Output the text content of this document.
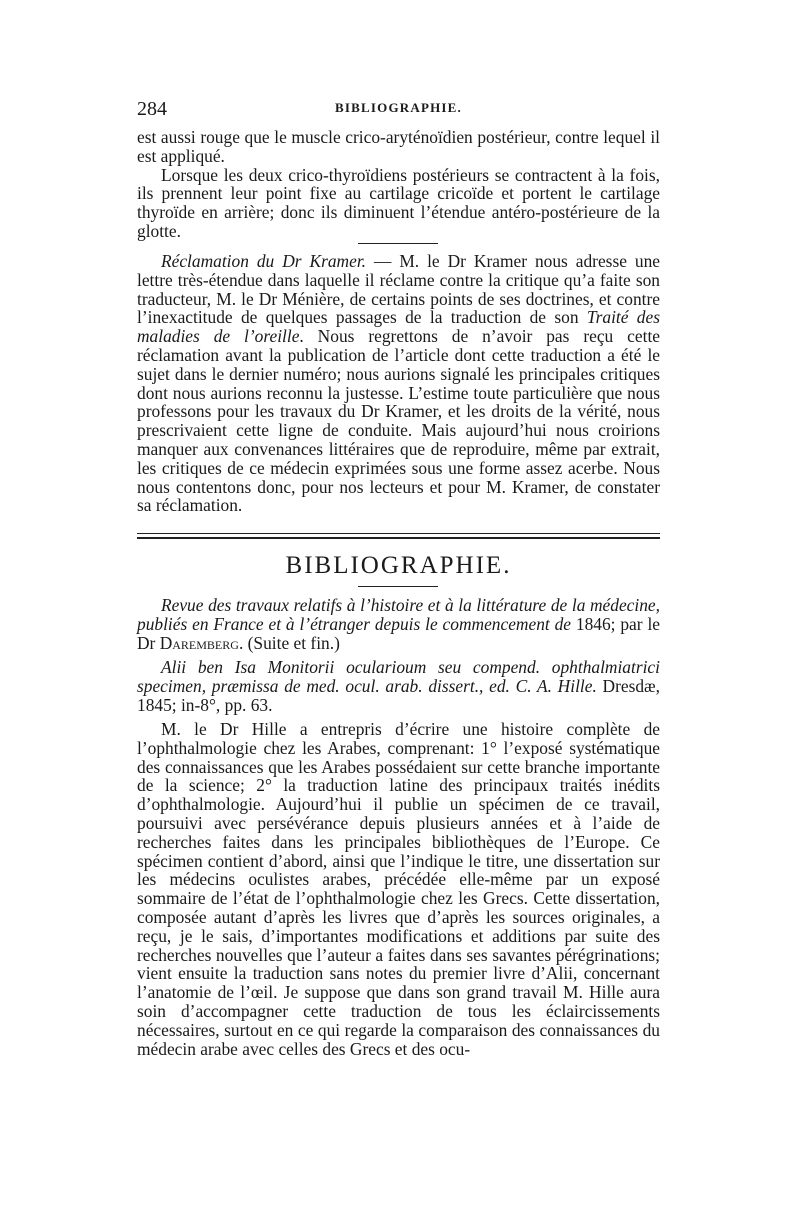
284	BIBLIOGRAPHIE.

est aussi rouge que le muscle crico-aryténoïdien postérieur, contre lequel il est appliqué.

Lorsque les deux crico-thyroïdiens postérieurs se contractent à la fois, ils prennent leur point fixe au cartilage cricoïde et portent le cartilage thyroïde en arrière; donc ils diminuent l’étendue antéro-postérieure de la glotte.

Réclamation du Dr Kramer. — M. le Dr Kramer nous adresse une lettre très-étendue dans laquelle il réclame contre la critique qu’a faite son traducteur, M. le Dr Ménière, de certains points de ses doctrines, et contre l’inexactitude de quelques passages de la traduction de son Traité des maladies de l’oreille. Nous regrettons de n’avoir pas reçu cette réclamation avant la publication de l’article dont cette traduction a été le sujet dans le dernier numéro; nous aurions signalé les principales critiques dont nous aurions reconnu la justesse. L’estime toute particulière que nous professons pour les travaux du Dr Kramer, et les droits de la vérité, nous prescrivaient cette ligne de conduite. Mais aujourd’hui nous croirions manquer aux convenances littéraires que de reproduire, même par extrait, les critiques de ce médecin exprimées sous une forme assez acerbe. Nous nous contentons donc, pour nos lecteurs et pour M. Kramer, de constater sa réclamation.

BIBLIOGRAPHIE.

Revue des travaux relatifs à l’histoire et à la littérature de la médecine, publiés en France et à l’étranger depuis le commencement de 1846; par le Dr Daremberg. (Suite et fin.)

Alii ben Isa Monitorii ocularioum seu compend. ophthalmiatrici specimen, præmissa de med. ocul. arab. dissert., ed. C. A. Hille. Dresdæ, 1845; in-8°, pp. 63.

M. le Dr Hille a entrepris d’écrire une histoire complète de l’ophthalmologie chez les Arabes, comprenant: 1° l’exposé systématique des connaissances que les Arabes possédaient sur cette branche importante de la science; 2° la traduction latine des principaux traités inédits d’ophthalmologie. Aujourd’hui il publie un spécimen de ce travail, poursuivi avec persévérance depuis plusieurs années et à l’aide de recherches faites dans les principales bibliothèques de l’Europe. Ce spécimen contient d’abord, ainsi que l’indique le titre, une dissertation sur les médecins oculistes arabes, précédée elle-même par un exposé sommaire de l’état de l’ophthalmologie chez les Grecs. Cette dissertation, composée autant d’après les livres que d’après les sources originales, a reçu, je le sais, d’importantes modifications et additions par suite des recherches nouvelles que l’auteur a faites dans ses savantes pérégrinations; vient ensuite la traduction sans notes du premier livre d’Alii, concernant l’anatomie de l’œil. Je suppose que dans son grand travail M. Hille aura soin d’accompagner cette traduction de tous les éclaircissements nécessaires, surtout en ce qui regarde la comparaison des connaissances du médecin arabe avec celles des Grecs et des ocu-
